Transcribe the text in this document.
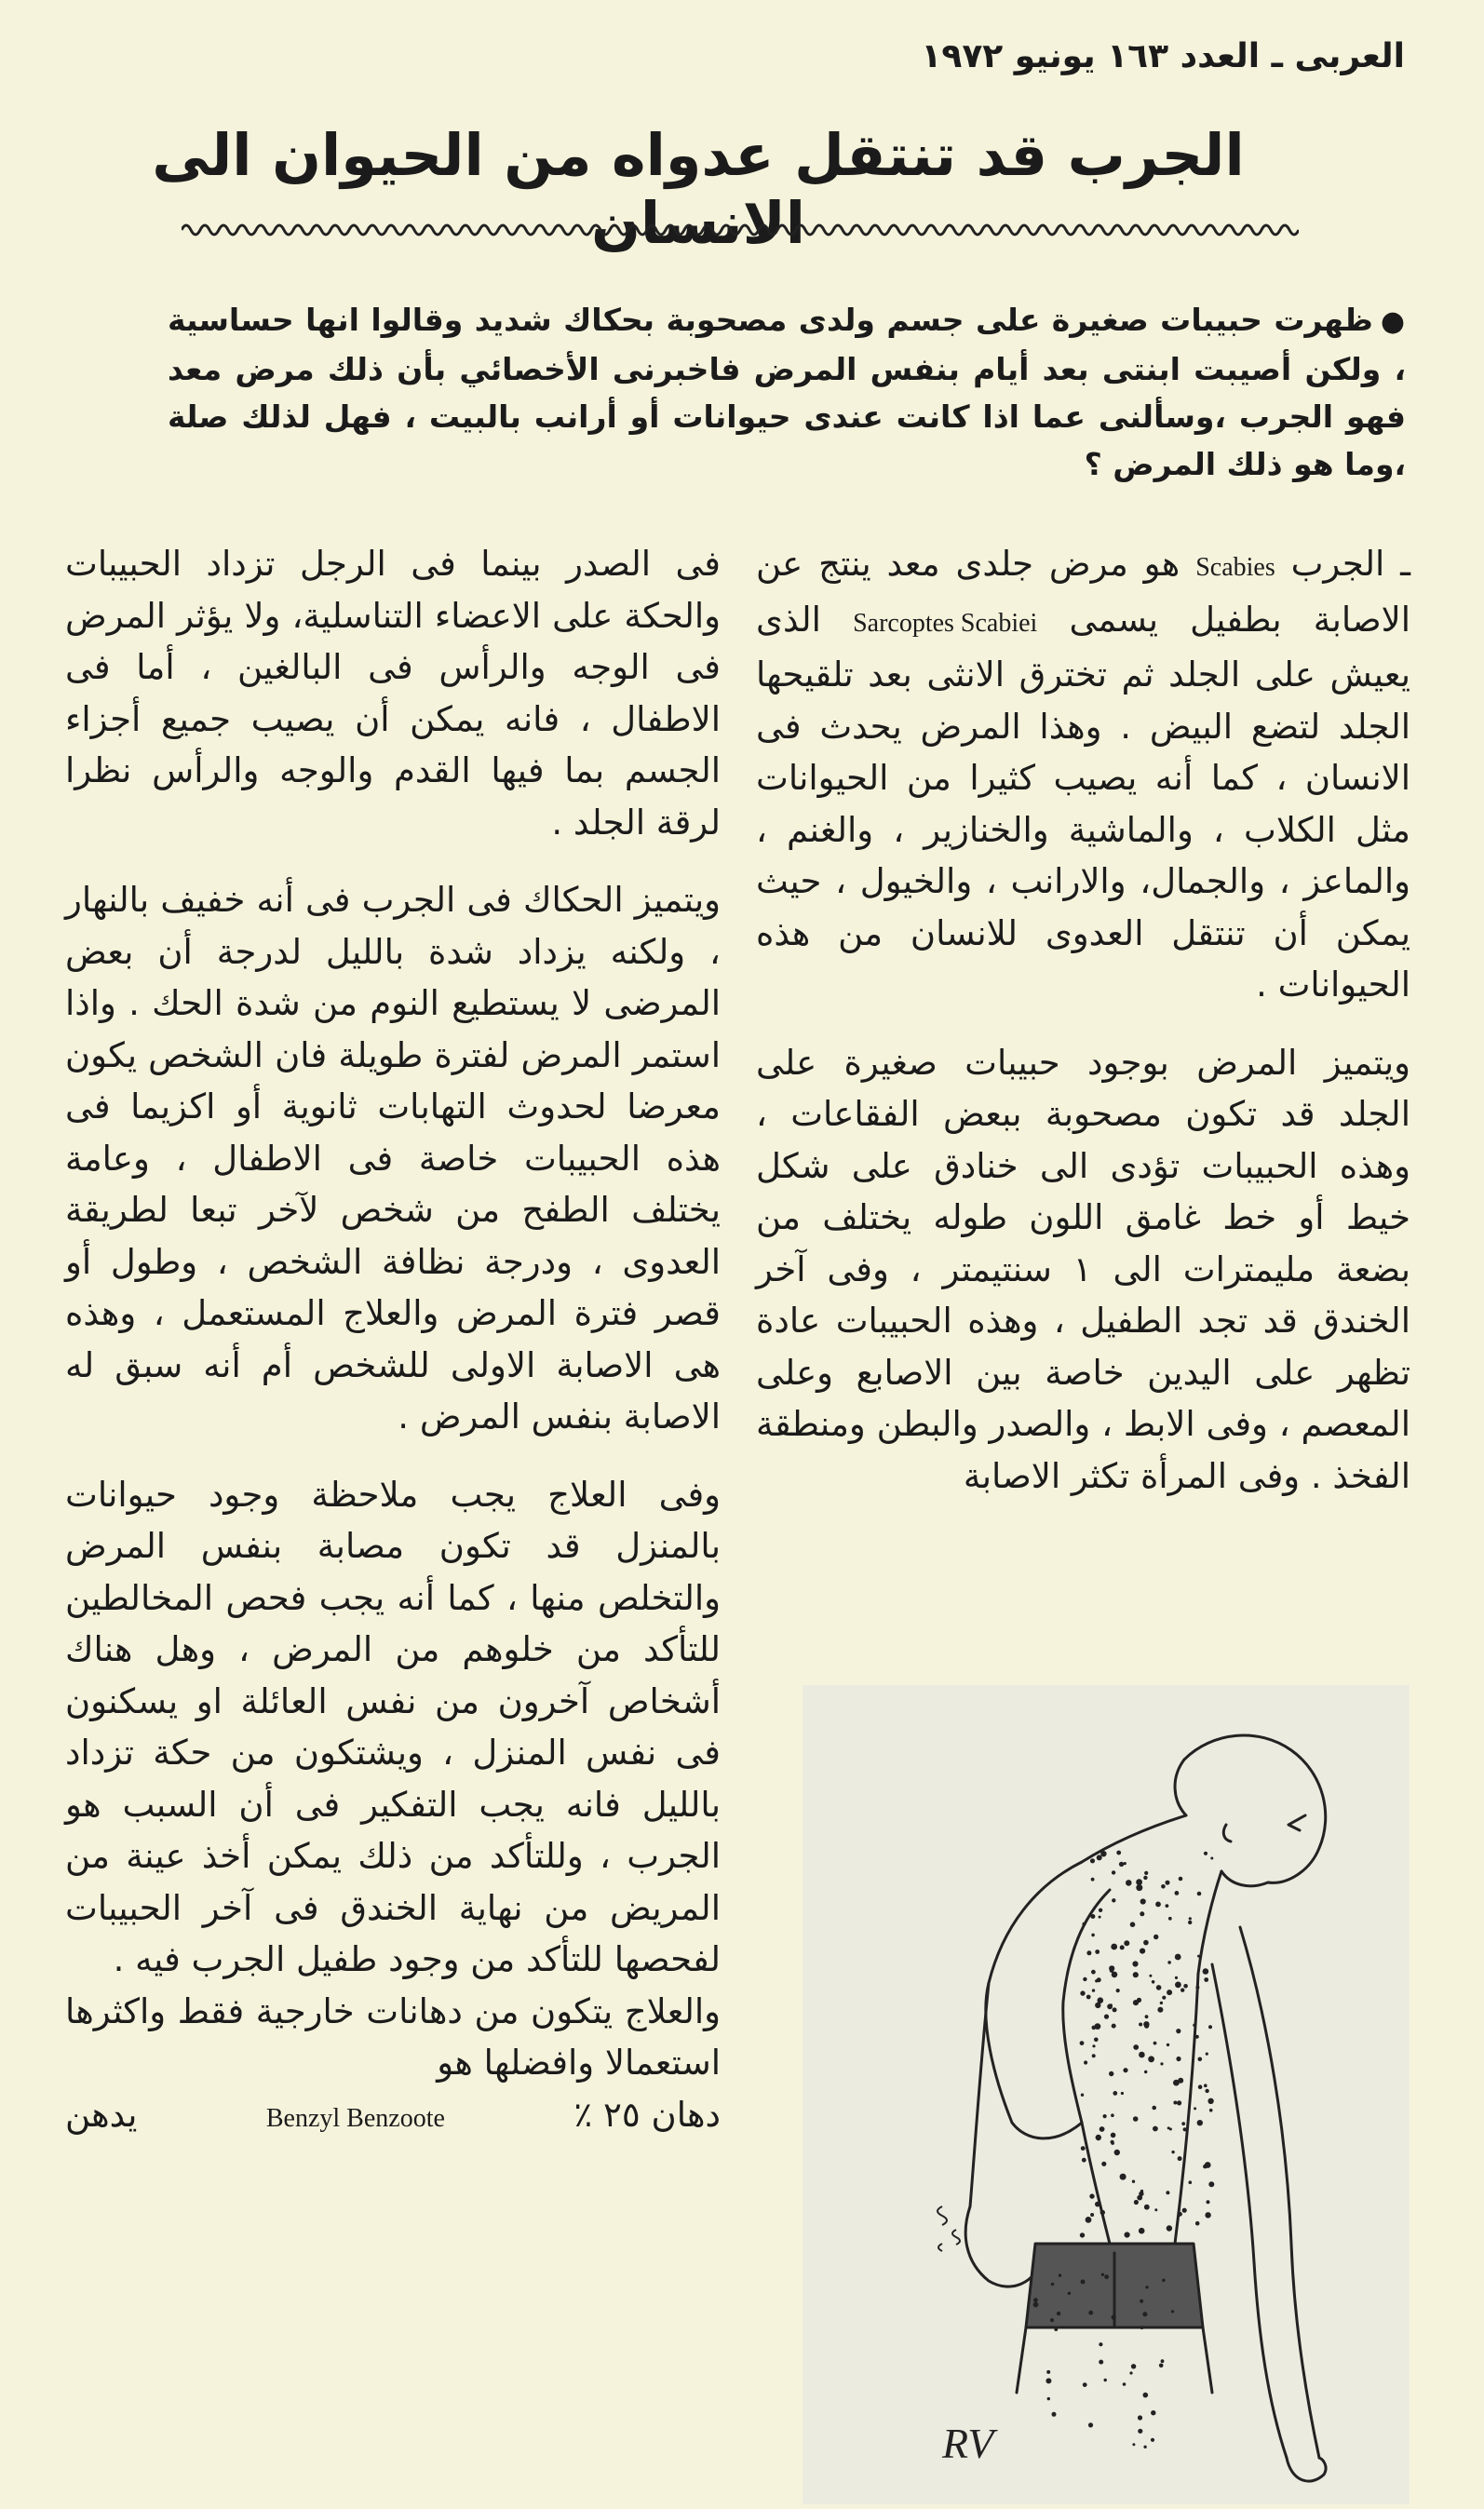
العربى ـ العدد ١٦٣ يونيو ١٩٧٢
الجرب قد تنتقل عدواه من الحيوان الى الانسان
●ظهرت حبيبات صغيرة على جسم ولدى مصحوبة بحكاك شديد وقالوا انها حساسية ، ولكن أصيبت ابنتى بعد أيام بنفس المرض فاخبرنى الأخصائي بأن ذلك مرض معد فهو الجرب ،وسألنى عما اذا كانت عندى حيوانات أو أرانب بالبيت ، فهل لذلك صلة ،وما هو ذلك المرض ؟

ـ الجرب Scabies هو مرض جلدى معد ينتج عن الاصابة بطفيل يسمى Sarcoptes Scabiei الذى يعيش على الجلد ثم تخترق الانثى بعد تلقيحها الجلد لتضع البيض . وهذا المرض يحدث فى الانسان ، كما أنه يصيب كثيرا من الحيوانات مثل الكلاب ، والماشية والخنازير ، والغنم ، والماعز ، والجمال، والارانب ، والخيول ، حيث يمكن أن تنتقل العدوى للانسان من هذه الحيوانات .

ويتميز المرض بوجود حبيبات صغيرة على الجلد قد تكون مصحوبة ببعض الفقاعات ، وهذه الحبيبات تؤدى الى خنادق على شكل خيط أو خط غامق اللون طوله يختلف من بضعة مليمترات الى ١ سنتيمتر ، وفى آخر الخندق قد تجد الطفيل ، وهذه الحبيبات عادة تظهر على اليدين خاصة بين الاصابع وعلى المعصم ، وفى الابط ، والصدر والبطن ومنطقة الفخذ . وفى المرأة تكثر الاصابة

فى الصدر بينما فى الرجل تزداد الحبيبات والحكة على الاعضاء التناسلية، ولا يؤثر المرض فى الوجه والرأس فى البالغين ، أما فى الاطفال ، فانه يمكن أن يصيب جميع أجزاء الجسم بما فيها القدم والوجه والرأس نظرا لرقة الجلد .

ويتميز الحكاك فى الجرب فى أنه خفيف بالنهار ، ولكنه يزداد شدة بالليل لدرجة أن بعض المرضى لا يستطيع النوم من شدة الحك . واذا استمر المرض لفترة طويلة فان الشخص يكون معرضا لحدوث التهابات ثانوية أو اكزيما فى هذه الحبيبات خاصة فى الاطفال ، وعامة يختلف الطفح من شخص لآخر تبعا لطريقة العدوى ، ودرجة نظافة الشخص ، وطول أو قصر فترة المرض والعلاج المستعمل ، وهذه هى الاصابة الاولى للشخص أم أنه سبق له الاصابة بنفس المرض .

وفى العلاج يجب ملاحظة وجود حيوانات بالمنزل قد تكون مصابة بنفس المرض والتخلص منها ، كما أنه يجب فحص المخالطين للتأكد من خلوهم من المرض ، وهل هناك أشخاص آخرون من نفس العائلة او يسكنون فى نفس المنزل ، ويشتكون من حكة تزداد بالليل فانه يجب التفكير فى أن السبب هو الجرب ، وللتأكد من ذلك يمكن أخذ عينة من المريض من نهاية الخندق فى آخر الحبيبات لفحصها للتأكد من وجود طفيل الجرب فيه .

والعلاج يتكون من دهانات خارجية فقط واكثرها استعمالا وافضلها هو

دهان ٢٥ ٪
Benzyl Benzoote
يدهن
RV
